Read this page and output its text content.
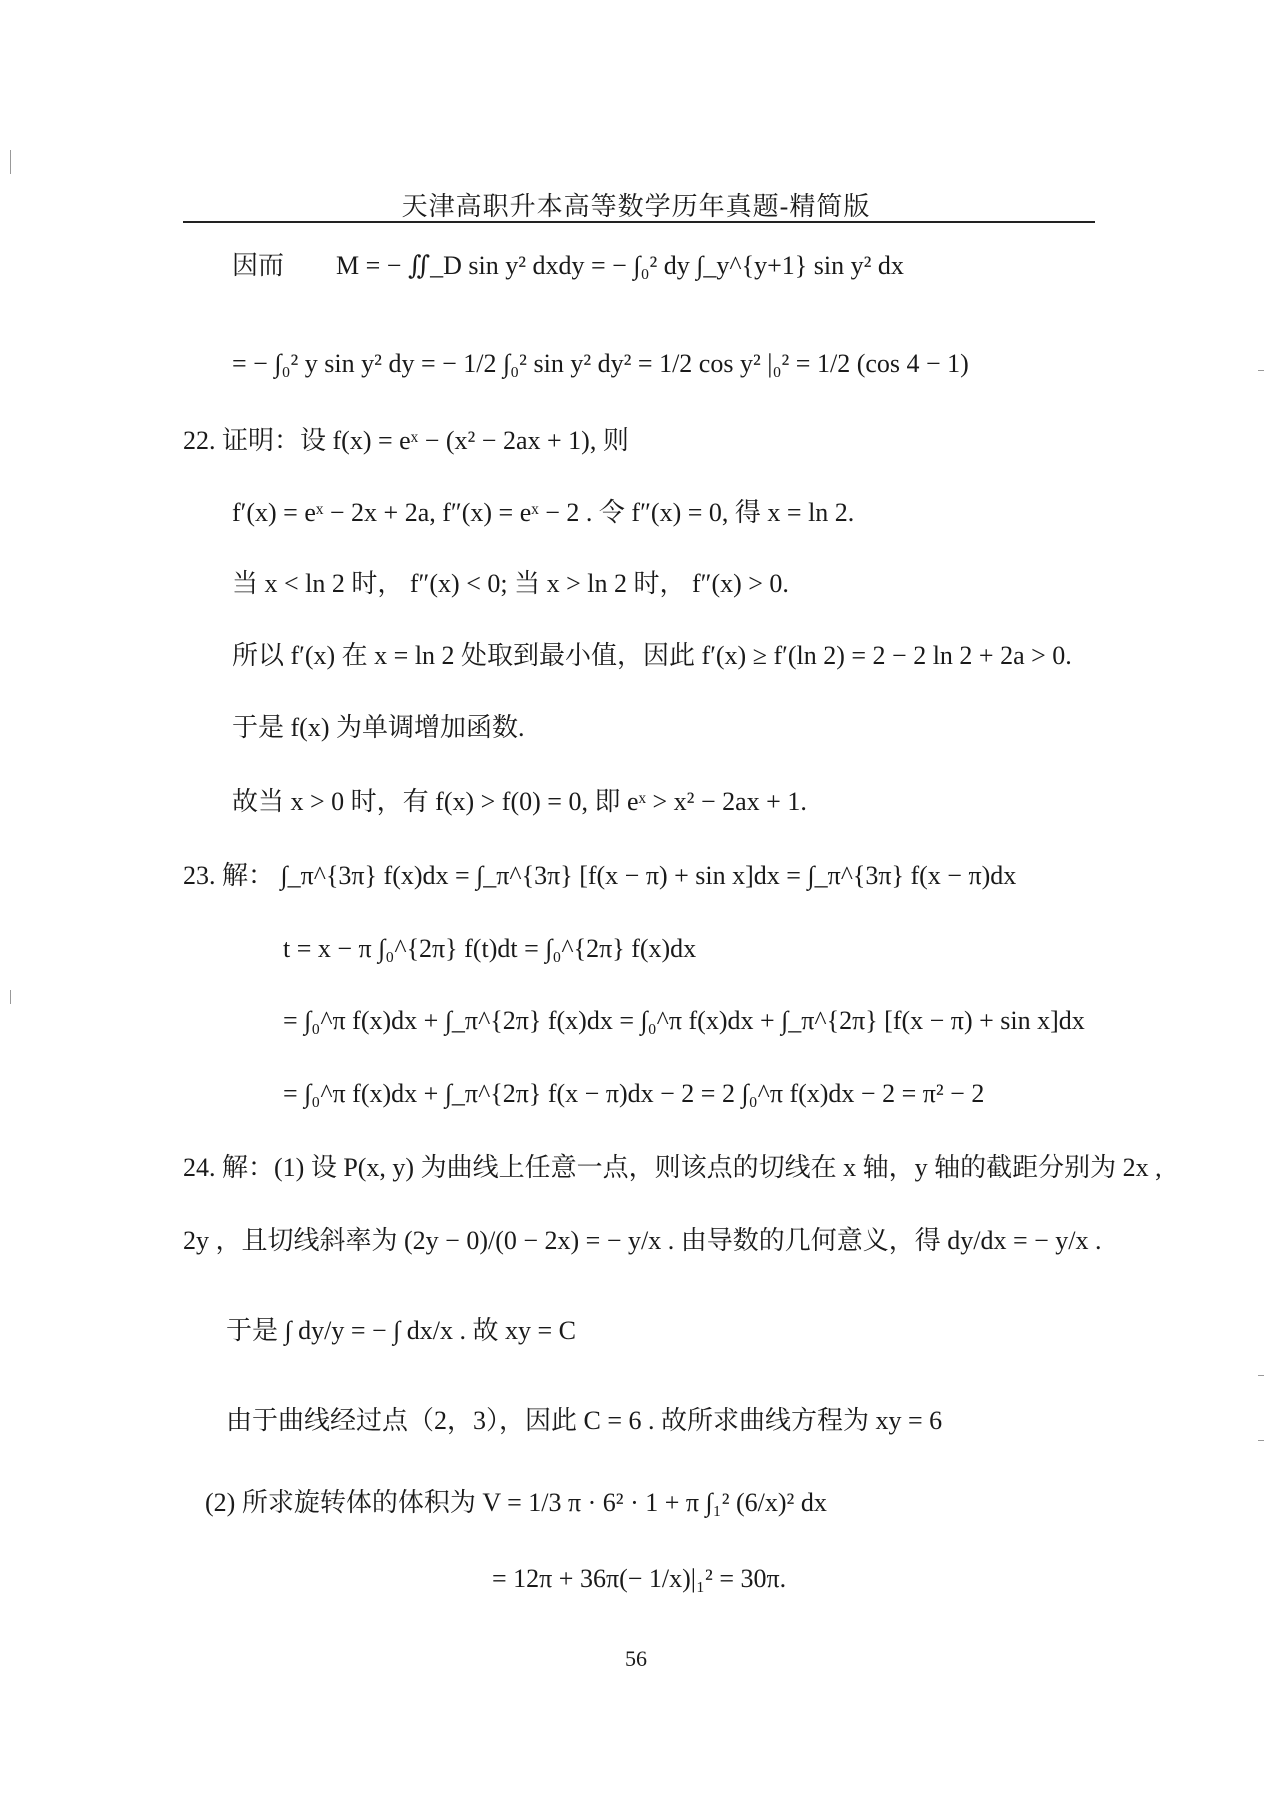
天津高职升本高等数学历年真题-精简版
因而　　M = − ∬_D sin y² dxdy = − ∫₀² dy ∫_y^{y+1} sin y² dx
= − ∫₀² y sin y² dy = − 1/2 ∫₀² sin y² dy² = 1/2 cos y² |₀² = 1/2 (cos 4 − 1)
22. 证明：设 f(x) = eˣ − (x² − 2ax + 1), 则
f′(x) = eˣ − 2x + 2a, f″(x) = eˣ − 2 . 令 f″(x) = 0, 得 x = ln 2.
当 x < ln 2 时， f″(x) < 0; 当 x > ln 2 时， f″(x) > 0.
所以 f′(x) 在 x = ln 2 处取到最小值，因此 f′(x) ≥ f′(ln 2) = 2 − 2 ln 2 + 2a > 0.
于是 f(x) 为单调增加函数.
故当 x > 0 时，有 f(x) > f(0) = 0, 即 eˣ > x² − 2ax + 1.
23. 解： ∫_π^{3π} f(x)dx = ∫_π^{3π} [f(x − π) + sin x]dx = ∫_π^{3π} f(x − π)dx
t = x − π ∫₀^{2π} f(t)dt = ∫₀^{2π} f(x)dx
= ∫₀^π f(x)dx + ∫_π^{2π} f(x)dx = ∫₀^π f(x)dx + ∫_π^{2π} [f(x − π) + sin x]dx
= ∫₀^π f(x)dx + ∫_π^{2π} f(x − π)dx − 2 = 2 ∫₀^π f(x)dx − 2 = π² − 2
24. 解：(1) 设 P(x, y) 为曲线上任意一点，则该点的切线在 x 轴，y 轴的截距分别为 2x ,
2y ，且切线斜率为 (2y − 0)/(0 − 2x) = − y/x . 由导数的几何意义，得 dy/dx = − y/x .
于是 ∫ dy/y = − ∫ dx/x . 故 xy = C
由于曲线经过点（2，3），因此 C = 6 . 故所求曲线方程为 xy = 6
(2) 所求旋转体的体积为 V = 1/3 π · 6² · 1 + π ∫₁² (6/x)² dx
= 12π + 36π(− 1/x)|₁² = 30π.
56
